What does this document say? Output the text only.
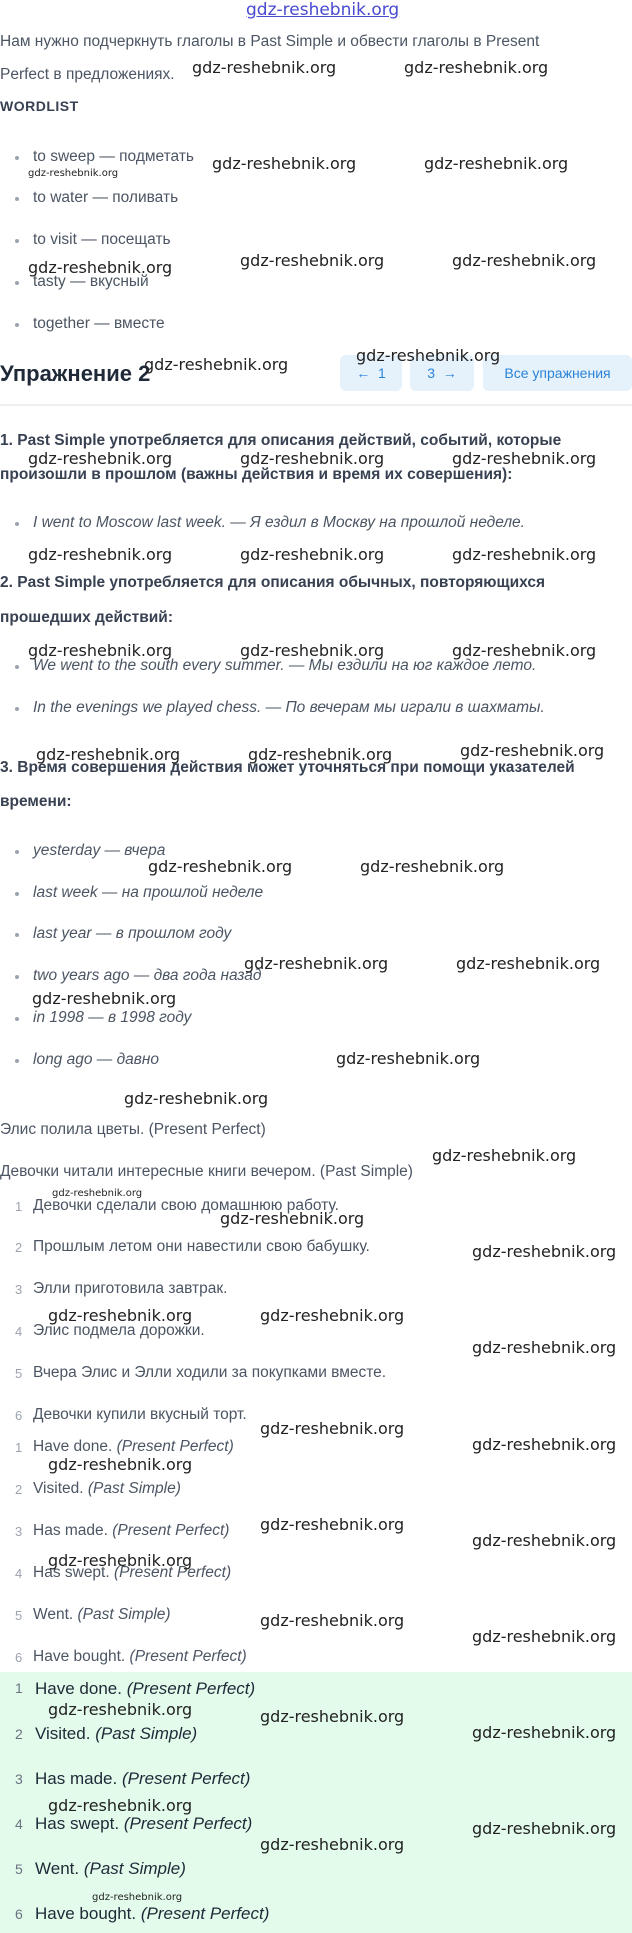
gdz-reshebnik.org
Нам нужно подчеркнуть глаголы в Past Simple и обвести глаголы в Present
Perfect в предложениях.
WORDLIST
to sweep — подметать
to water — поливать
to visit — посещать
tasty — вкусный
together — вместе
Упражнение 2	← 1	3 →	Все упражнения
1. Past Simple употребляется для описания действий, событий, которые
произошли в прошлом (важны действия и время их совершения):
I went to Moscow last week. — Я ездил в Москву на прошлой неделе.
2. Past Simple употребляется для описания обычных, повторяющихся
прошедших действий:
We went to the south every summer. — Мы ездили на юг каждое лето.
In the evenings we played chess. — По вечерам мы играли в шахматы.
3. Время совершения действия может уточняться при помощи указателей
времени:
yesterday — вчера
last week — на прошлой неделе
last year — в прошлом году
two years ago — два года назад
in 1998 — в 1998 году
long ago — давно
Элис полила цветы. (Present Perfect)
Девочки читали интересные книги вечером. (Past Simple)
1 Девочки сделали свою домашнюю работу.
2 Прошлым летом они навестили свою бабушку.
3 Элли приготовила завтрак.
4 Элис подмела дорожки.
5 Вчера Элис и Элли ходили за покупками вместе.
6 Девочки купили вкусный торт.
1 Have done. (Present Perfect)
2 Visited. (Past Simple)
3 Has made. (Present Perfect)
4 Has swept. (Present Perfect)
5 Went. (Past Simple)
6 Have bought. (Present Perfect)
1 Have done. (Present Perfect)
2 Visited. (Past Simple)
3 Has made. (Present Perfect)
4 Has swept. (Present Perfect)
5 Went. (Past Simple)
6 Have bought. (Present Perfect)
gdz-reshebnik.org	gdz-reshebnik.org
gdz-reshebnik.org	gdz-reshebnik.org
gdz-reshebnik.org
gdz-reshebnik.org	gdz-reshebnik.org	gdz-reshebnik.org
gdz-reshebnik.org
gdz-reshebnik.org
gdz-reshebnik.org	gdz-reshebnik.org	gdz-reshebnik.org
gdz-reshebnik.org	gdz-reshebnik.org	gdz-reshebnik.org
gdz-reshebnik.org	gdz-reshebnik.org	gdz-reshebnik.org
gdz-reshebnik.org	gdz-reshebnik.org	gdz-reshebnik.org
gdz-reshebnik.org	gdz-reshebnik.org
gdz-reshebnik.org	gdz-reshebnik.org
gdz-reshebnik.org
gdz-reshebnik.org
gdz-reshebnik.org
gdz-reshebnik.org
gdz-reshebnik.org
gdz-reshebnik.org
gdz-reshebnik.org
gdz-reshebnik.org	gdz-reshebnik.org
gdz-reshebnik.org
gdz-reshebnik.org
gdz-reshebnik.org
gdz-reshebnik.org
gdz-reshebnik.org
gdz-reshebnik.org
gdz-reshebnik.org
gdz-reshebnik.org
gdz-reshebnik.org
gdz-reshebnik.org	gdz-reshebnik.org
gdz-reshebnik.org
gdz-reshebnik.org
gdz-reshebnik.org
gdz-reshebnik.org
gdz-reshebnik.org
